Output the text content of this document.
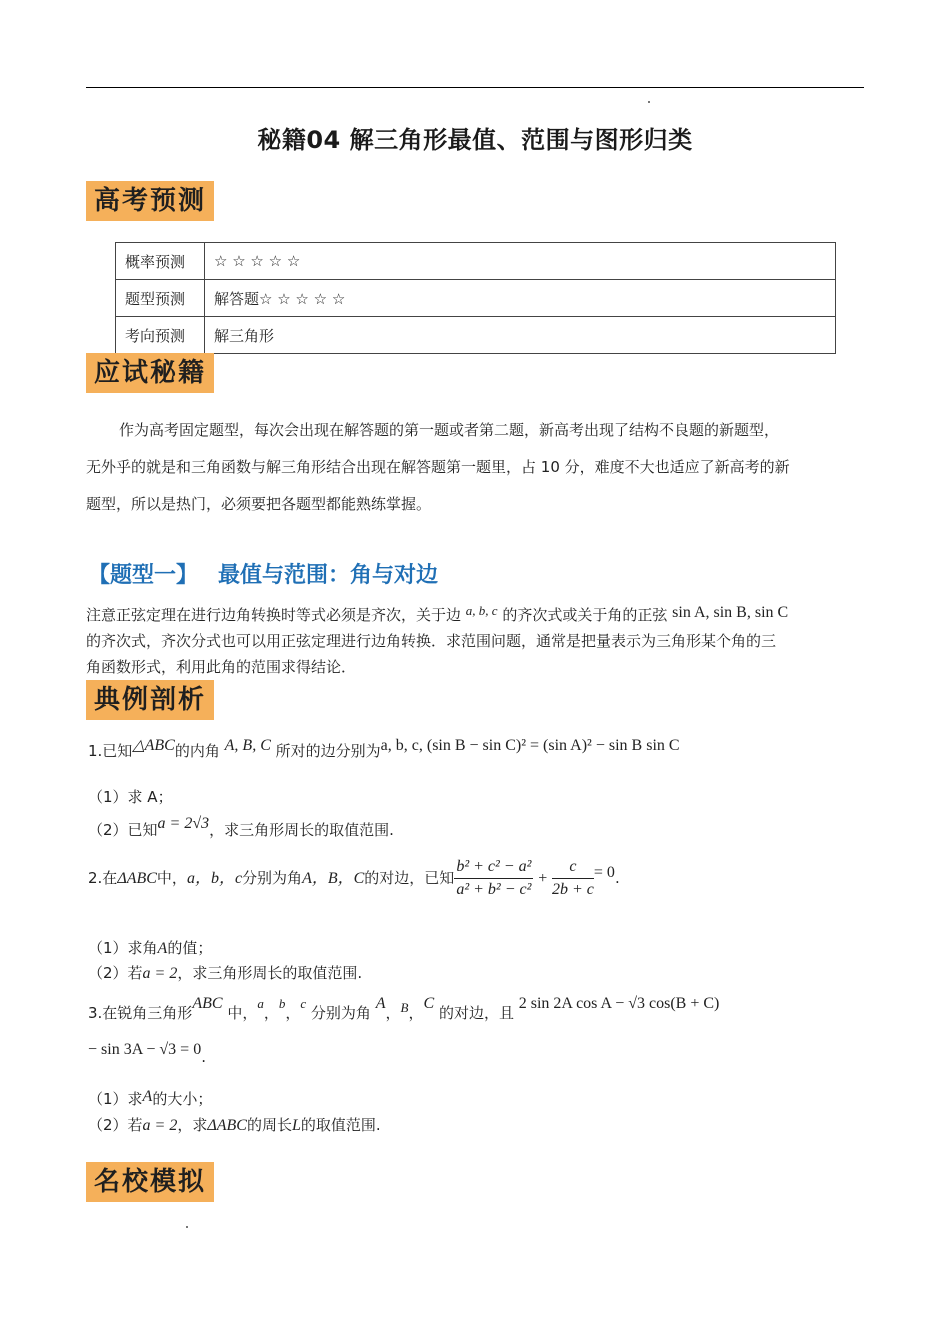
秘籍04 解三角形最值、范围与图形归类
高考预测
概率预测	☆ ☆ ☆ ☆ ☆
题型预测	解答题☆ ☆ ☆ ☆ ☆
考向预测	解三角形
应试秘籍
作为高考固定题型，每次会出现在解答题的第一题或者第二题，新高考出现了结构不良题的新题型，
无外乎的就是和三角函数与解三角形结合出现在解答题第一题里，占 10 分，难度不大也适应了新高考的新
题型，所以是热门，必须要把各题型都能熟练掌握。
【题型一】 最值与范围：角与对边
注意正弦定理在进行边角转换时等式必须是齐次，关于边 a, b, c 的齐次式或关于角的正弦 sin A, sin B, sin C
的齐次式，齐次分式也可以用正弦定理进行边角转换．求范围问题，通常是把量表示为三角形某个角的三
角函数形式，利用此角的范围求得结论．
典例剖析
1.已知△ABC的内角 A, B, C 所对的边分别为a, b, c, (sin B − sin C)² = (sin A)² − sin B sin C
（1）求 A；
（2）已知a = 2√3，求三角形周长的取值范围.
2.在ΔABC中，a，b，c分别为角A，B，C的对边，已知 $\frac{\text{b² + c² − a²}}{\text{a² + b² − c²}} + \frac{c}{2b + c} = 0$.
（1）求角A的值；
（2）若a = 2，求三角形周长的取值范围.
3.在锐角三角形ABC 中，a，b，c 分别为角 A，B，C 的对边，且 2 sin 2A cos A − √3 cos(B + C)
− sin 3A − √3 = 0.
（1）求A的大小；
（2）若a = 2，求ΔABC的周长L的取值范围.
名校模拟
